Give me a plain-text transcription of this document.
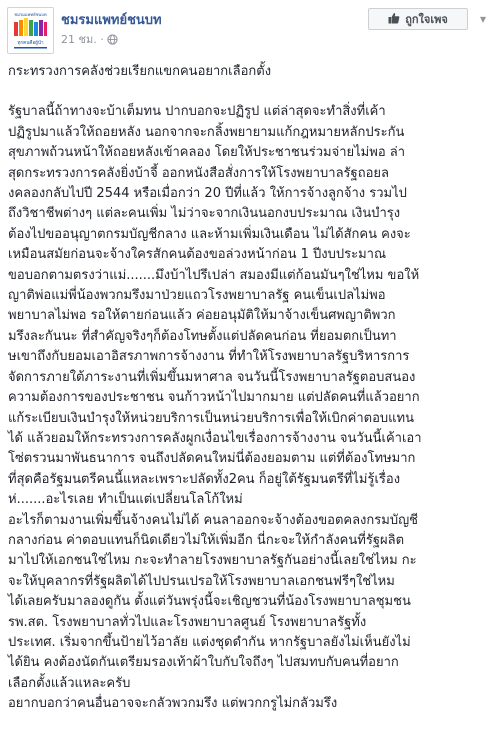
ชมรมแพทย์ชนบท
ทุกคนคือผู้นำ
ชมรมแพทย์ชนบท
21 ชม. ·
ถูกใจเพจ	▾

กระทรวงการคลังช่วยเรียกแขกคนอยากเลือกตั้ง

รัฐบาลนี้ถ้าทางจะบ้าเต็มทน ปากบอกจะปฏิรูป แต่ล่าสุดจะทำสิ่งที่เค้า

ปฏิรูปมาแล้วให้ถอยหลัง นอกจากจะกลิ้งพยายามแก้กฎหมายหลักประกัน

สุขภาพถ้วนหน้าให้ถอยหลังเข้าคลอง โดยให้ประชาชนร่วมจ่ายไม่พอ ล่า

สุดกระทรวงการคลังยิ่งบ้าจี้ ออกหนังสือสั่งการให้โรงพยาบาลรัฐถอยล

งคลองกลับไปปี 2544 หรือเมื่อกว่า 20 ปีที่แล้ว ให้การจ้างลูกจ้าง รวมไป

ถึงวิชาชีพต่างๆ แต่ละคนเพิ่ม ไม่ว่าจะจากเงินนอกงบประมาณ เงินบำรุง

ต้องไปขออนุญาตกรมบัญชีกลาง และห้ามเพิ่มเงินเดือน ไม่ได้สักคน คงจะ

เหมือนสมัยก่อนจะจ้างใครสักคนต้องขอล่วงหน้าก่อน 1 ปีงบประมาณ

ขอบอกตามตรงว่าแม่.......มึงบ้าไปรึเปล่า สมองมีแต่ก้อนมันๆใช่ไหม ขอให้

ญาติพ่อแม่พี่น้องพวกมรึงมาป่วยแถวโรงพยาบาลรัฐ คนเข็นเปลไม่พอ

พยาบาลไม่พอ รอให้ตายก่อนแล้ว ค่อยอนุมัติให้มาจ้างเข็นศพญาติพวก

มรึงละกันนะ ที่สำคัญจริงๆก็ต้องโทษตั้งแต่ปลัดคนก่อน ที่ยอมตกเป็นทา

ษเขาถึงกับยอมเอาอิสรภาพการจ้างงาน ที่ทำให้โรงพยาบาลรัฐบริหารการ

จัดการภายใต้ภาระงานที่เพิ่มขึ้นมหาศาล จนวันนี้โรงพยาบาลรัฐตอบสนอง

ความต้องการของประชาชน จนก้าวหน้าไปมากมาย แต่ปลัดคนที่แล้วอยาก

แก้ระเบียบเงินบำรุงให้หน่วยบริการเป็นหน่วยบริการเพื่อให้เบิกค่าตอบแทน

ได้ แล้วยอมให้กระทรวงการคลังผูกเงื่อนไขเรื่องการจ้างงาน จนวันนี้เค้าเอา

โซ่ตรวนมาพันธนาการ จนถึงปลัดคนใหม่นี่ต้องยอมตาม แต่ที่ต้องโทษมาก

ที่สุดคือรัฐมนตรีคนนี้แหละเพราะปลัดทั้ง2คน ก็อยู่ใต้รัฐมนตรีที่ไม่รู้เรื่อง

ห่.......อะไรเลย ทำเป็นแต่เปลี่ยนโลโก้ใหม่

อะไรก็ตามงานเพิ่มขึ้นจ้างคนไม่ได้ คนลาออกจะจ้างต้องขอตคลงกรมบัญชี

กลางก่อน ค่าตอบแทนก็นิดเดียวไม่ให้เพิ่มอีก นี่กะจะให้กำลังคนที่รัฐผลิต

มาไปให้เอกชนใช่ไหม กะจะทำลายโรงพยาบาลรัฐกันอย่างนี้เลยใช่ไหม กะ

จะให้บุคลากรที่รัฐผลิตได้ไปปรนเปรอให้โรงพยาบาลเอกชนฟรีๆใช่ไหม

ได้เลยครับมาลองดูกัน ตั้งแต่วันพรุ่งนี้จะเชิญชวนที่น้องโรงพยาบาลชุมชน

รพ.สต. โรงพยาบาลทั่วไปและโรงพยาบาลศูนย์ โรงพยาบาลรัฐทั้ง

ประเทศ. เริ่มจากขึ้นป้ายไว้อาลัย แต่งชุดดำกัน หากรัฐบาลยังไม่เห็นยังไม่

ได้ยิน คงต้องนัดกันเตรียมรองเท้าผ้าใบกับใจถึงๆ ไปสมทบกับคนที่อยาก

เลือกตั้งแล้วแหละครับ

อยากบอกว่าคนอื่นอาจจะกลัวพวกมรึง แต่พวกกรูไม่กลัวมรึง
